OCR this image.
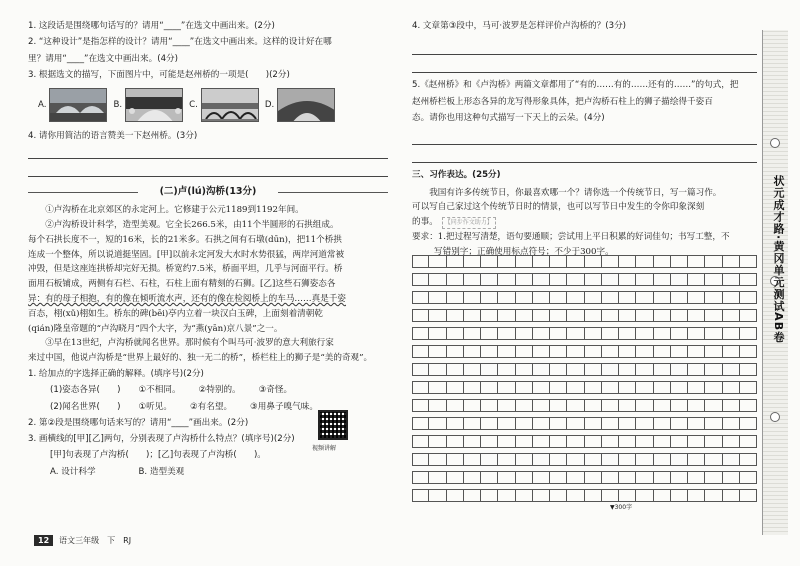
1. 这段话是围绕哪句话写的？请用“____”在选文中画出来。(2分)
2. “这种设计”是指怎样的设计？请用“____”在选文中画出来。这样的设计好在哪
里？请用“____”在选文中画出来。(4分)
3. 根据选文的描写，下面图片中，可能是赵州桥的一项是(　　)(2分)
A.	B.	C.	D.
4. 请你用简洁的语言赞美一下赵州桥。(3分)
(二)卢(lú)沟桥(13分)
①卢沟桥在北京郊区的永定河上。它修建于公元1189到1192年间。
②卢沟桥设计科学，造型美观。它全长266.5米，由11个半圆形的石拱组成。
每个石拱长度不一，短的16米，长的21米多。石拱之间有石墩(dūn)，把11个桥拱
连成一个整体，所以说道挺坚固。[甲]以前永定河发大水时水势很猛，两岸河道常被
冲毁，但是这座连拱桥却完好无损。桥宽约7.5米，桥面平坦，几乎与河面平行。桥
面用石板铺成，两侧有石栏、石柱，石柱上面有精刻的石狮。[乙]这些石狮姿态各
异：有的母子相抱，有的像在倾听流水声，还有的像在检阅桥上的车马……真是千姿
百态，栩(xǔ)栩如生。桥东的碑(bēi)亭内立着一块汉白玉碑，上面刻着清朝乾
(qián)隆皇帝题的“卢沟晓月”四个大字，为“燕(yān)京八景”之一。
③早在13世纪，卢沟桥就闻名世界。那时候有个叫马可·波罗的意大利旅行家
来过中国，他说卢沟桥是“世界上最好的、独一无二的桥”，桥栏柱上的狮子是“美的奇观”。
1. 给加点的字选择正确的解释。(填序号)(2分)
(1)姿态各异(　　) ①不相同。 ②特别的。 ③奇怪。
(2)闻名世界(　　) ①听见。 ②有名望。 ③用鼻子嗅气味。
2. 第②段是围绕哪句话来写的？请用“____”画出来。(2分)
3. 画横线的[甲][乙]两句，分别表现了卢沟桥什么特点？(填序号)(2分)
[甲]句表现了卢沟桥(　　)；[乙]句表现了卢沟桥(　　)。
A. 设计科学　　　　　B. 造型美观
视频讲解
4. 文章第③段中，马可·波罗是怎样评价卢沟桥的？(3分)
5.《赵州桥》和《卢沟桥》两篇文章都用了“有的……有的……还有的……”的句式，把
赵州桥栏板上形态各异的龙写得形象具体，把卢沟桥石柱上的狮子描绘得千姿百
态。请你也用这种句式描写一下天上的云朵。(4分)
三、习作表达。(25分)
我国有许多传统节日，你最喜欢哪一个？请你选一个传统节日，写一篇习作。
可以写自己家过这个传统节日时的情景，也可以写节日中发生的令你印象深刻
的事。 【同步作文助力】
要求：1.把过程写清楚，语句要通顺；尝试用上平日积累的好词佳句；书写工整，不
写错别字；正确使用标点符号；不少于300字。
▼300字
状元成才路·黄冈单元测试AB卷
12	语文三年级　下　RJ
